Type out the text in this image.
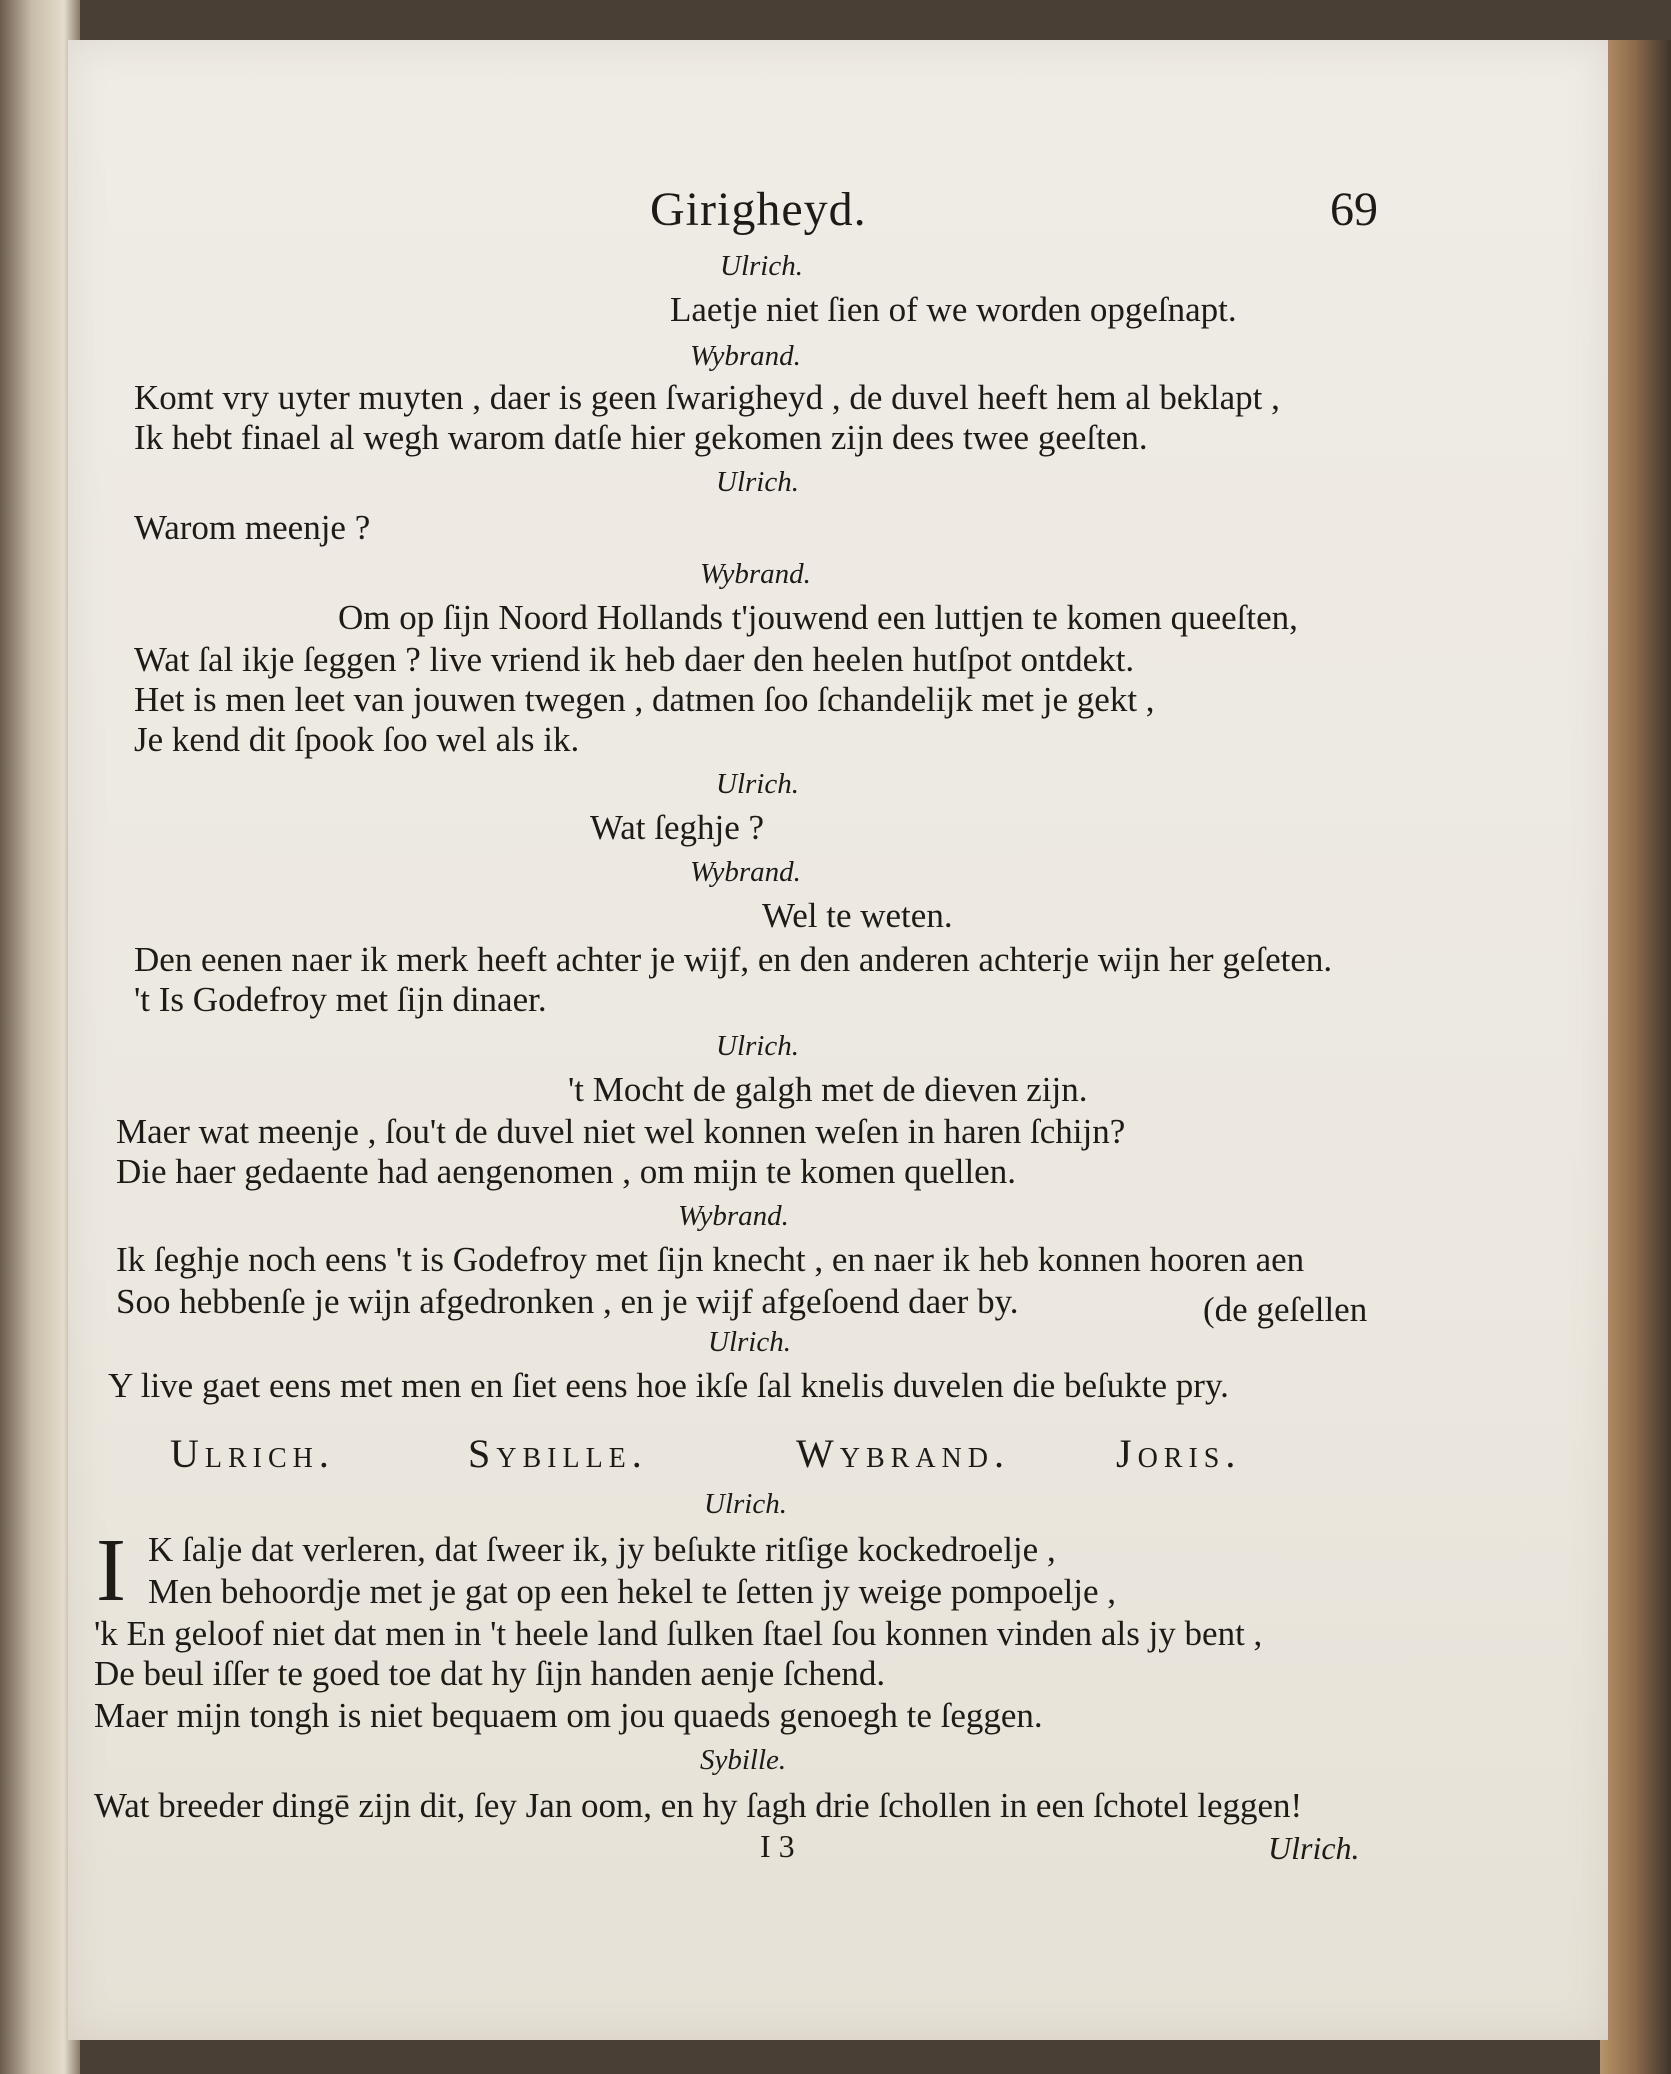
Girigheyd.	69
Ulrich.
Laetje niet ſien of we worden opgeſnapt.
Wybrand.
Komt vry uyter muyten , daer is geen ſwarigheyd , de duvel heeft hem al beklapt ,
Ik hebt finael al wegh warom datſe hier gekomen zijn dees twee geeſten.
Ulrich.
Warom meenje ?
Wybrand.
Om op ſijn Noord Hollands t'jouwend een luttjen te komen queeſten,
Wat ſal ikje ſeggen ? live vriend ik heb daer den heelen hutſpot ontdekt.
Het is men leet van jouwen twegen , datmen ſoo ſchandelijk met je gekt ,
Je kend dit ſpook ſoo wel als ik.
Ulrich.
Wat ſeghje ?
Wybrand.
Wel te weten.
Den eenen naer ik merk heeft achter je wijf, en den anderen achterje wijn her geſeten.
't Is Godefroy met ſijn dinaer.
Ulrich.
't Mocht de galgh met de dieven zijn.
Maer wat meenje , ſou't de duvel niet wel konnen weſen in haren ſchijn?
Die haer gedaente had aengenomen , om mijn te komen quellen.
Wybrand.
Ik ſeghje noch eens 't is Godefroy met ſijn knecht , en naer ik heb konnen hooren aen
Soo hebbenſe je wijn afgedronken , en je wijf afgeſoend daer by.	(de geſellen
Ulrich.
Y live gaet eens met men en ſiet eens hoe ikſe ſal knelis duvelen die beſukte pry.
Ulrich.	Sybille.	Wybrand.	Joris.
Ulrich.
I K ſalje dat verleren, dat ſweer ik, jy beſukte ritſige kockedroelje ,
Men behoordje met je gat op een hekel te ſetten jy weige pompoelje ,
'k En geloof niet dat men in 't heele land ſulken ſtael ſou konnen vinden als jy bent ,
De beul iſſer te goed toe dat hy ſijn handen aenje ſchend.
Maer mijn tongh is niet bequaem om jou quaeds genoegh te ſeggen.
Sybille.
Wat breeder dingē zijn dit, ſey Jan oom, en hy ſagh drie ſchollen in een ſchotel leggen!
I 3	Ulrich.
